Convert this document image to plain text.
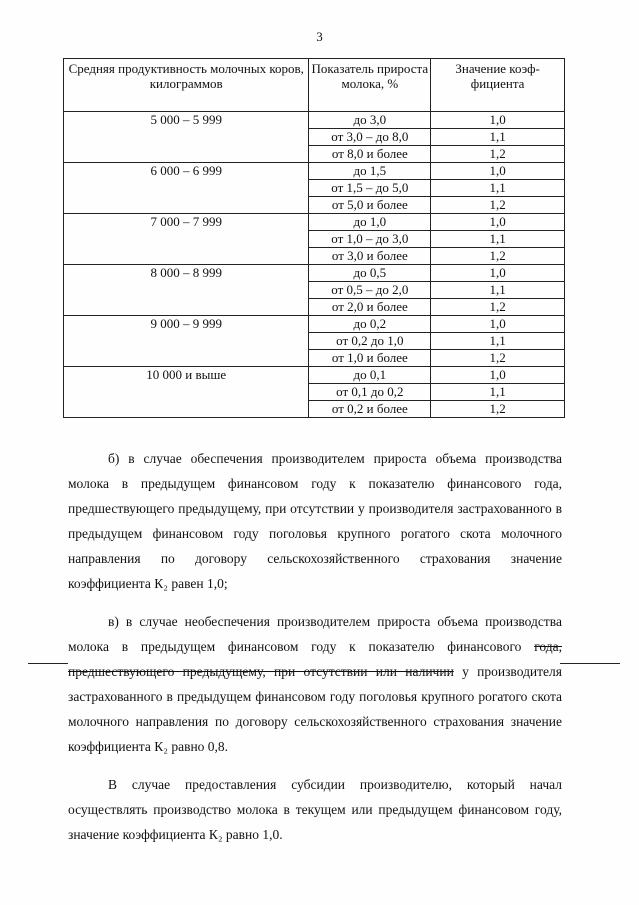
3
Средняя продуктивность молочных коров, килограммов	Показатель прироста молока, %	Значение коэф-фициента
5 000 – 5 999	до 3,0	1,0
	от 3,0 – до 8,0	1,1
	от 8,0 и более	1,2
6 000 – 6 999	до 1,5	1,0
	от 1,5 – до 5,0	1,1
	от 5,0 и более	1,2
7 000 – 7 999	до 1,0	1,0
	от 1,0 – до 3,0	1,1
	от 3,0 и более	1,2
8 000 – 8 999	до 0,5	1,0
	от 0,5 – до 2,0	1,1
	от 2,0 и более	1,2
9 000 – 9 999	до 0,2	1,0
	от 0,2 до 1,0	1,1
	от 1,0 и более	1,2
10 000 и выше	до 0,1	1,0
	от 0,1 до 0,2	1,1
	от 0,2 и более	1,2

б) в случае обеспечения производителем прироста объема производства молока в предыдущем финансовом году к показателю финансового года, предшествующего предыдущему, при отсутствии у производителя застрахованного в предыдущем финансовом году поголовья крупного рогатого скота молочного направления по договору сельскохозяйственного страхования значение коэффициента К₂ равен 1,0;

в) в случае необеспечения производителем прироста объема производства молока в предыдущем финансовом году к показателю финансового года, предшествующего предыдущему, при отсутствии или наличии у производителя застрахованного в предыдущем финансовом году поголовья крупного рогатого скота молочного направления по договору сельскохозяйственного страхования значение коэффициента К₂ равно 0,8.

В случае предоставления субсидии производителю, который начал осуществлять производство молока в текущем или предыдущем финансовом году, значение коэффициента К₂ равно 1,0.
